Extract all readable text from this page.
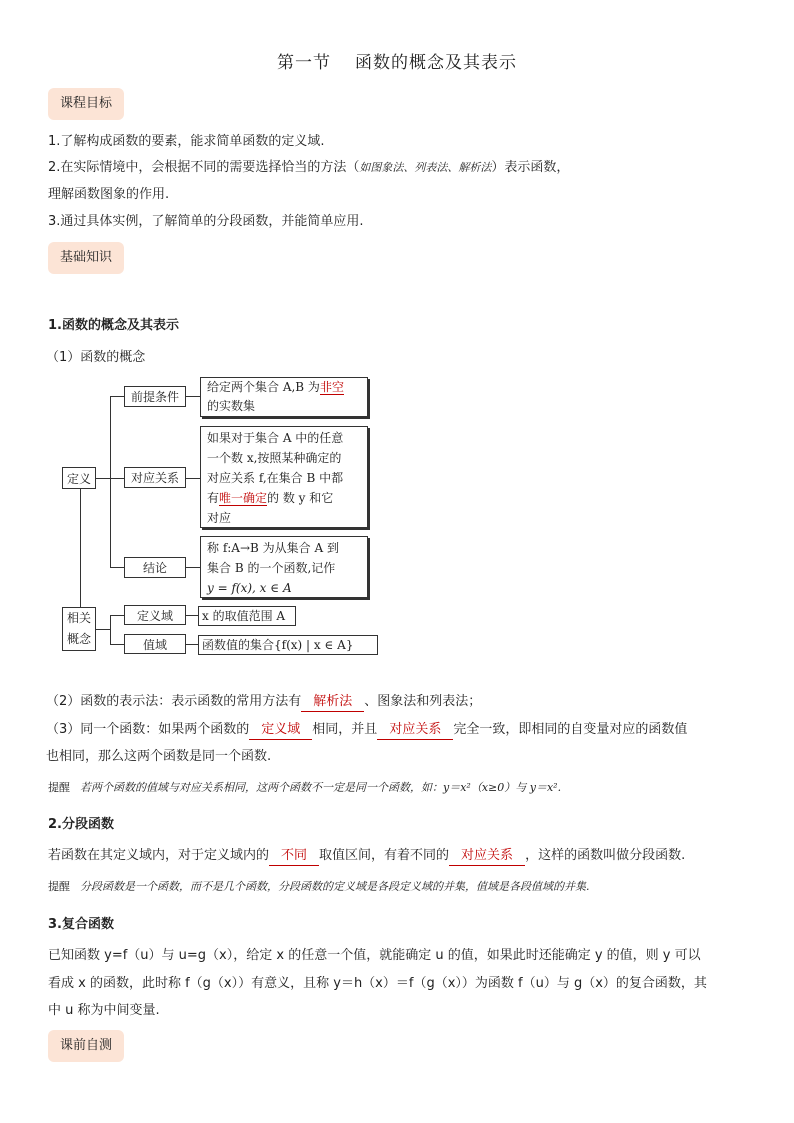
第一节 函数的概念及其表示
课程目标
1.了解构成函数的要素，能求简单函数的定义域.
2.在实际情境中，会根据不同的需要选择恰当的方法（如图象法、列表法、解析法）表示函数，
理解函数图象的作用.
3.通过具体实例，了解简单的分段函数，并能简单应用.
基础知识
1.函数的概念及其表示
（1）函数的概念
定义
前提条件
给定两个集合 A,B 为非空
的实数集
对应关系
如果对于集合 A 中的任意
一个数 x,按照某种确定的
对应关系 f,在集合 B 中都
有唯一确定的 数 y 和它
对应
结论
称 f:A→B 为从集合 A 到
集合 B 的一个函数,记作
y = f(x), x ∈ A
相关
概念
定义域	x 的取值范围 A
值域	函数值的集合{f(x) | x ∈ A}
（2）函数的表示法：表示函数的常用方法有 解析法 、图象法和列表法；
（3）同一个函数：如果两个函数的 定义域 相同，并且 对应关系 完全一致，即相同的自变量对应的函数值
也相同，那么这两个函数是同一个函数.
提醒 若两个函数的值域与对应关系相同，这两个函数不一定是同一个函数，如：y＝x²（x≥0）与 y＝x².
2.分段函数
若函数在其定义域内，对于定义域内的 不同 取值区间，有着不同的 对应关系 ，这样的函数叫做分段函数.
提醒 分段函数是一个函数，而不是几个函数，分段函数的定义域是各段定义域的并集，值域是各段值域的并集.
3.复合函数
已知函数 y=f（u）与 u=g（x），给定 x 的任意一个值，就能确定 u 的值，如果此时还能确定 y 的值，则 y 可以
看成 x 的函数，此时称 f（g（x））有意义，且称 y＝h（x）＝f（g（x））为函数 f（u）与 g（x）的复合函数，其
中 u 称为中间变量.
课前自测
